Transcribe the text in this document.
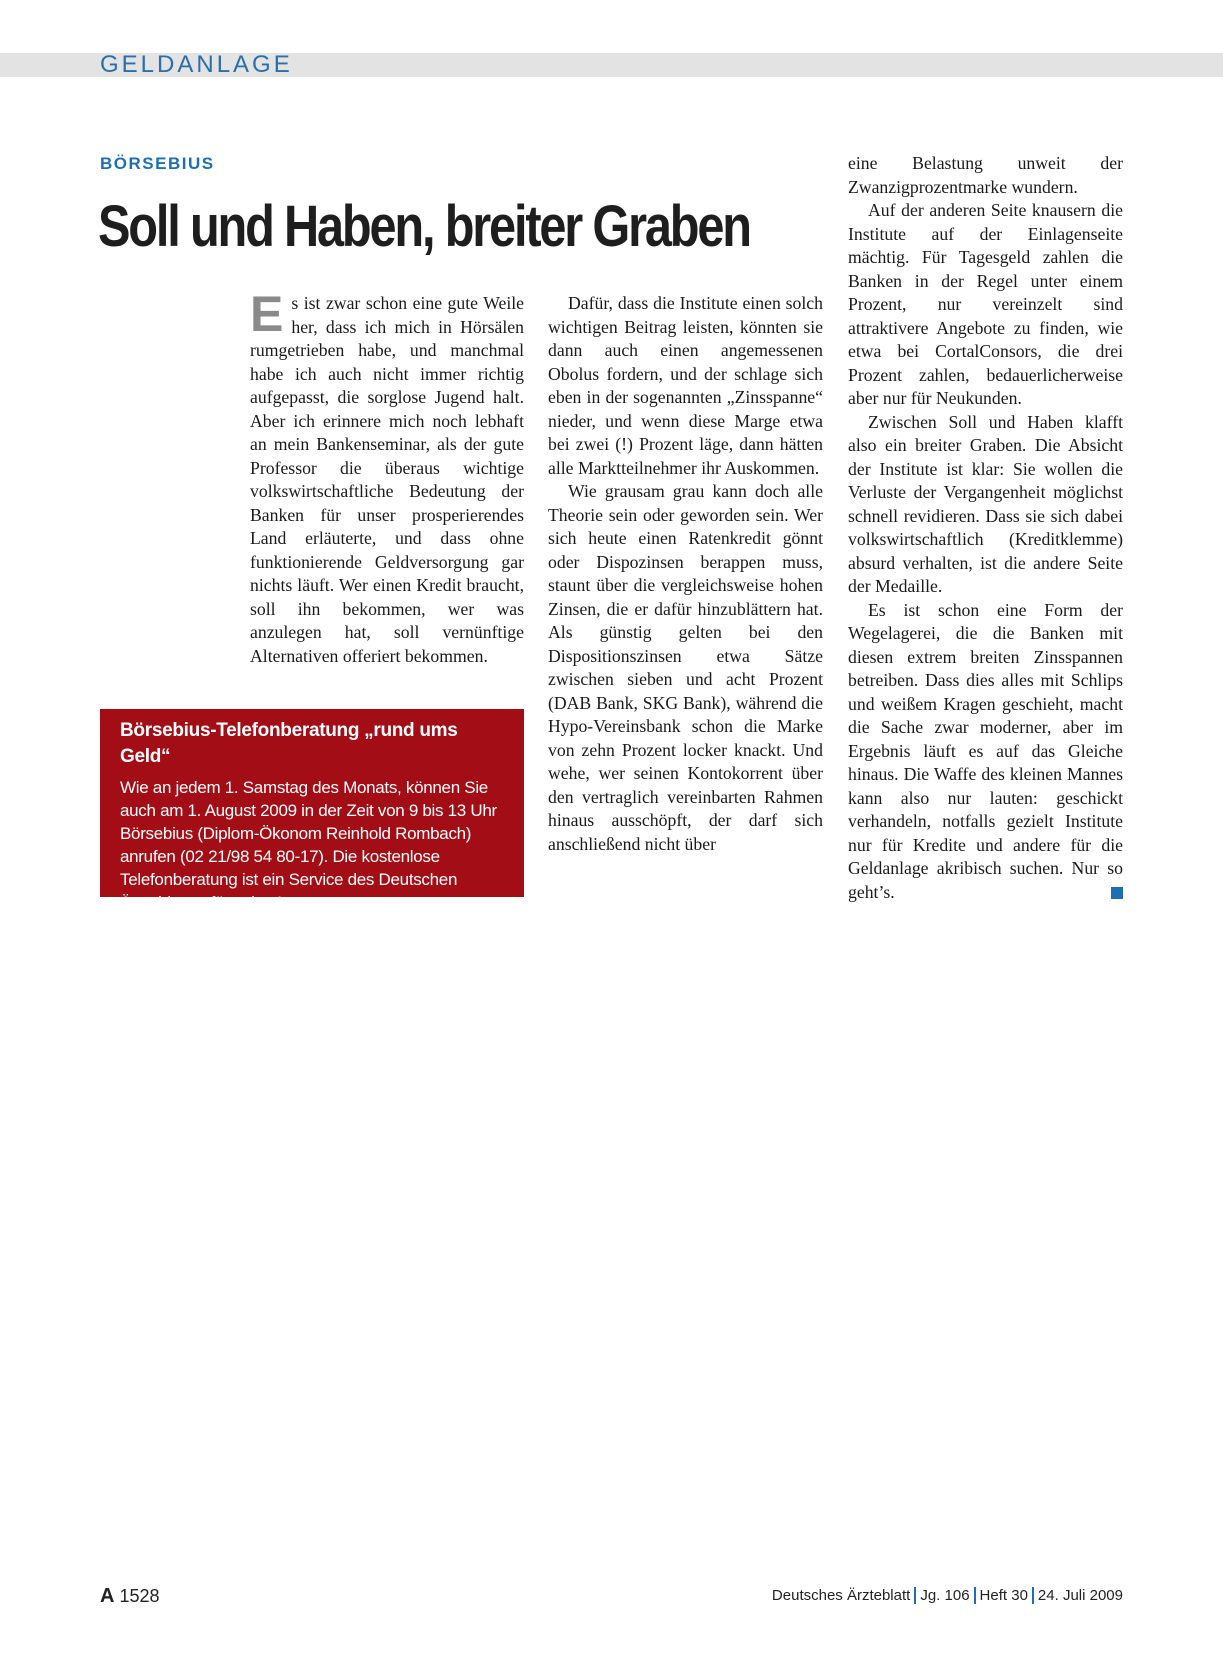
GELDANLAGE
BÖRSEBIUS
Soll und Haben, breiter Graben

Es ist zwar schon eine gute Weile her, dass ich mich in Hörsälen rumgetrieben habe, und manchmal habe ich auch nicht immer richtig aufgepasst, die sorglose Jugend halt. Aber ich erinnere mich noch lebhaft an mein Bankenseminar, als der gute Professor die überaus wichtige volkswirtschaftliche Bedeutung der Banken für unser prosperierendes Land erläuterte, und dass ohne funktionierende Geldversorgung gar nichts läuft. Wer einen Kredit braucht, soll ihn bekommen, wer was anzulegen hat, soll vernünftige Alternativen offeriert bekommen.

Börsebius-Telefonberatung „rund ums Geld“
Wie an jedem 1. Samstag des Monats, können Sie auch am 1. August 2009 in der Zeit von 9 bis 13 Uhr Börsebius (Diplom-Ökonom Reinhold Rombach) anrufen (02 21/98 54 80-17). Die kostenlose Telefonberatung ist ein Service des Deutschen Ärzteblattes für seine Leser.

Dafür, dass die Institute einen solch wichtigen Beitrag leisten, könnten sie dann auch einen angemessenen Obolus fordern, und der schlage sich eben in der sogenannten „Zinsspanne“ nieder, und wenn diese Marge etwa bei zwei (!) Prozent läge, dann hätten alle Marktteilnehmer ihr Auskommen.

Wie grausam grau kann doch alle Theorie sein oder geworden sein. Wer sich heute einen Ratenkredit gönnt oder Dispozinsen berappen muss, staunt über die vergleichsweise hohen Zinsen, die er dafür hinzublättern hat. Als günstig gelten bei den Dispositionszinsen etwa Sätze zwischen sieben und acht Prozent (DAB Bank, SKG Bank), während die Hypo-Vereinsbank schon die Marke von zehn Prozent locker knackt. Und wehe, wer seinen Kontokorrent über den vertraglich vereinbarten Rahmen hinaus ausschöpft, der darf sich anschließend nicht über

eine Belastung unweit der Zwanzigprozentmarke wundern.

Auf der anderen Seite knausern die Institute auf der Einlagenseite mächtig. Für Tagesgeld zahlen die Banken in der Regel unter einem Prozent, nur vereinzelt sind attraktivere Angebote zu finden, wie etwa bei CortalConsors, die drei Prozent zahlen, bedauerlicherweise aber nur für Neukunden.

Zwischen Soll und Haben klafft also ein breiter Graben. Die Absicht der Institute ist klar: Sie wollen die Verluste der Vergangenheit möglichst schnell revidieren. Dass sie sich dabei volkswirtschaftlich (Kreditklemme) absurd verhalten, ist die andere Seite der Medaille.

Es ist schon eine Form der Wegelagerei, die die Banken mit diesen extrem breiten Zinsspannen betreiben. Dass dies alles mit Schlips und weißem Kragen geschieht, macht die Sache zwar moderner, aber im Ergebnis läuft es auf das Gleiche hinaus. Die Waffe des kleinen Mannes kann also nur lauten: geschickt verhandeln, notfalls gezielt Institute nur für Kredite und andere für die Geldanlage akribisch suchen. Nur so geht’s.

A 1528	Deutsches Ärzteblatt Jg. 106 Heft 30 24. Juli 2009
